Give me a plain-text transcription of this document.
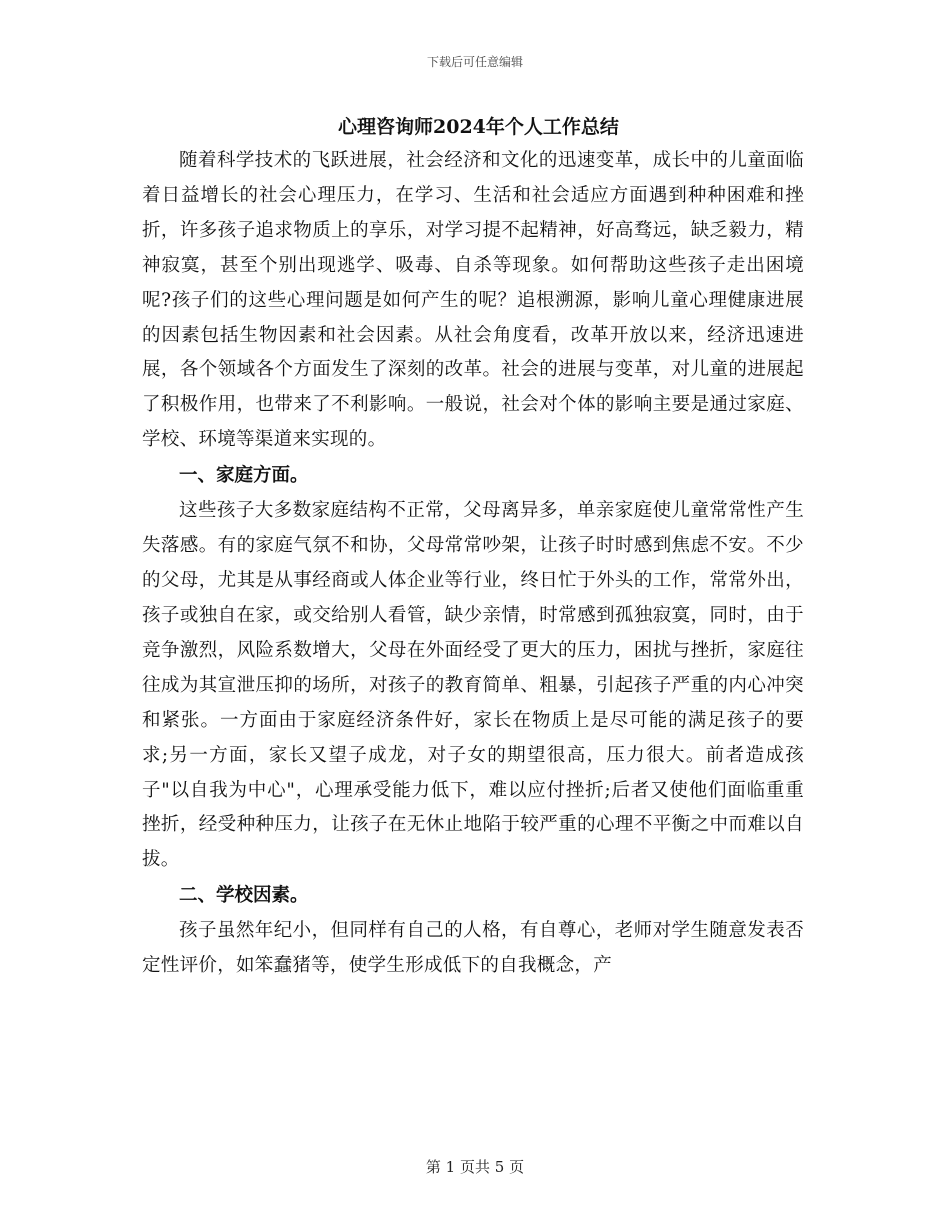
下载后可任意编辑
心理咨询师2024年个人工作总结

随着科学技术的飞跃进展，社会经济和文化的迅速变革，成长中的儿童面临着日益增长的社会心理压力，在学习、生活和社会适应方面遇到种种困难和挫折，许多孩子追求物质上的享乐，对学习提不起精神，好高骛远，缺乏毅力，精神寂寞，甚至个别出现逃学、吸毒、自杀等现象。如何帮助这些孩子走出困境呢?孩子们的这些心理问题是如何产生的呢？追根溯源，影响儿童心理健康进展的因素包括生物因素和社会因素。从社会角度看，改革开放以来，经济迅速进展，各个领域各个方面发生了深刻的改革。社会的进展与变革，对儿童的进展起了积极作用，也带来了不利影响。一般说，社会对个体的影响主要是通过家庭、学校、环境等渠道来实现的。

一、家庭方面。

这些孩子大多数家庭结构不正常，父母离异多，单亲家庭使儿童常常性产生失落感。有的家庭气氛不和协，父母常常吵架，让孩子时时感到焦虑不安。不少的父母，尤其是从事经商或人体企业等行业，终日忙于外头的工作，常常外出，孩子或独自在家，或交给别人看管，缺少亲情，时常感到孤独寂寞，同时，由于竞争激烈，风险系数增大，父母在外面经受了更大的压力，困扰与挫折，家庭往往成为其宣泄压抑的场所，对孩子的教育简单、粗暴，引起孩子严重的内心冲突和紧张。一方面由于家庭经济条件好，家长在物质上是尽可能的满足孩子的要求;另一方面，家长又望子成龙，对子女的期望很高，压力很大。前者造成孩子"以自我为中心"，心理承受能力低下，难以应付挫折;后者又使他们面临重重挫折，经受种种压力，让孩子在无休止地陷于较严重的心理不平衡之中而难以自拔。

二、学校因素。

孩子虽然年纪小，但同样有自己的人格，有自尊心，老师对学生随意发表否定性评价，如笨蠢猪等，使学生形成低下的自我概念，产

第 1 页共 5 页
